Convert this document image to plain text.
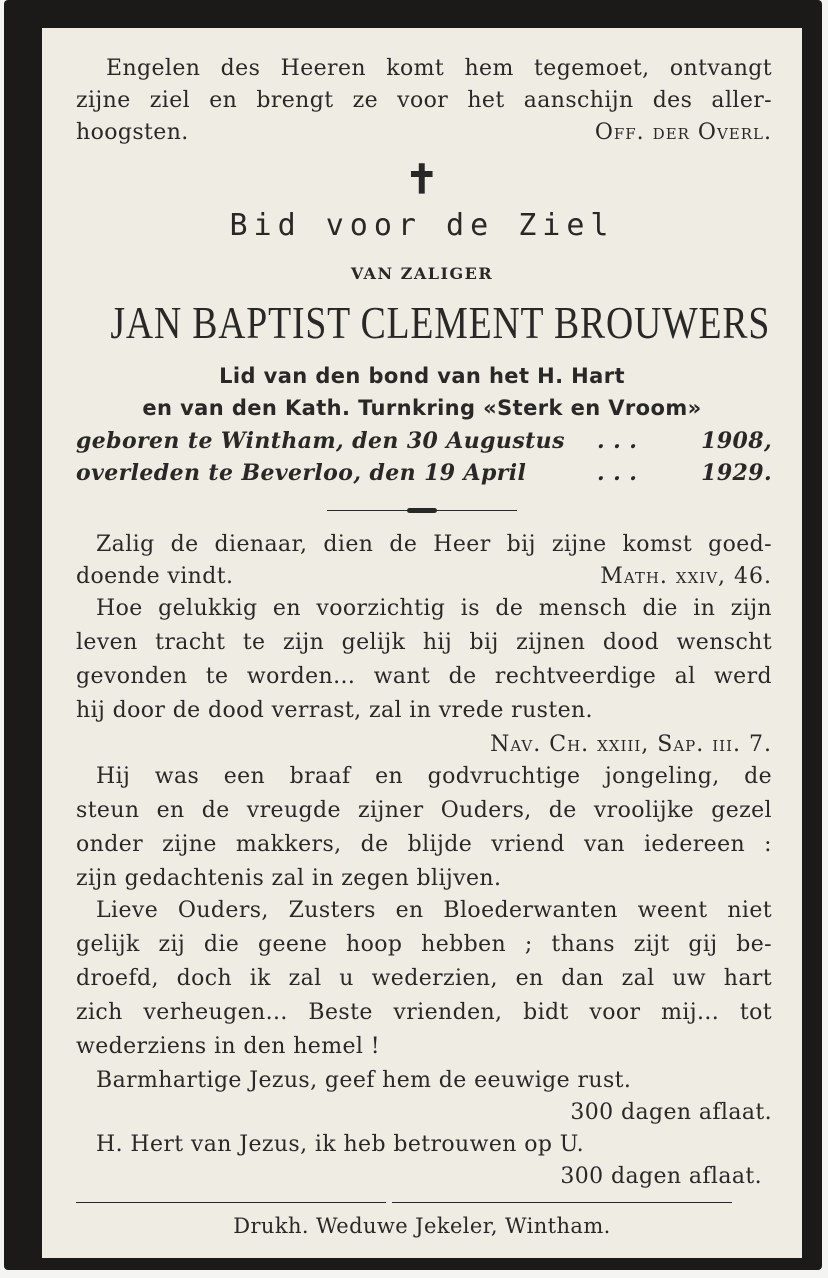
Engelen des Heeren komt hem tegemoet, ontvangt
zijne ziel en brengt ze voor het aanschijn des aller-
hoogsten.	Off. der Overl.
✝
Bid voor de Ziel
VAN ZALIGER
JAN BAPTIST CLEMENT BROUWERS
Lid van den bond van het H. Hart
en van den Kath. Turnkring «Sterk en Vroom»
geboren te Wintham, den 30 Augustus . . .	1908,
overleden te Beverloo, den 19 April	. . .	1929.
Zalig de dienaar, dien de Heer bij zijne komst goed-
doende vindt.	Math. xxiv, 46.
Hoe gelukkig en voorzichtig is de mensch die in zijn
leven tracht te zijn gelijk hij bij zijnen dood wenscht
gevonden te worden... want de rechtveerdige al werd
hij door de dood verrast, zal in vrede rusten.
Nav. Ch. xxiii, Sap. iii. 7.
Hij was een braaf en godvruchtige jongeling, de
steun en de vreugde zijner Ouders, de vroolijke gezel
onder zijne makkers, de blijde vriend van iedereen :
zijn gedachtenis zal in zegen blijven.
Lieve Ouders, Zusters en Bloederwanten weent niet
gelijk zij die geene hoop hebben ; thans zijt gij be-
droefd, doch ik zal u wederzien, en dan zal uw hart
zich verheugen... Beste vrienden, bidt voor mij... tot
wederziens in den hemel !
Barmhartige Jezus, geef hem de eeuwige rust.
300 dagen aflaat.
H. Hert van Jezus, ik heb betrouwen op U.
300 dagen aflaat.
Drukh. Weduwe Jekeler, Wintham.
